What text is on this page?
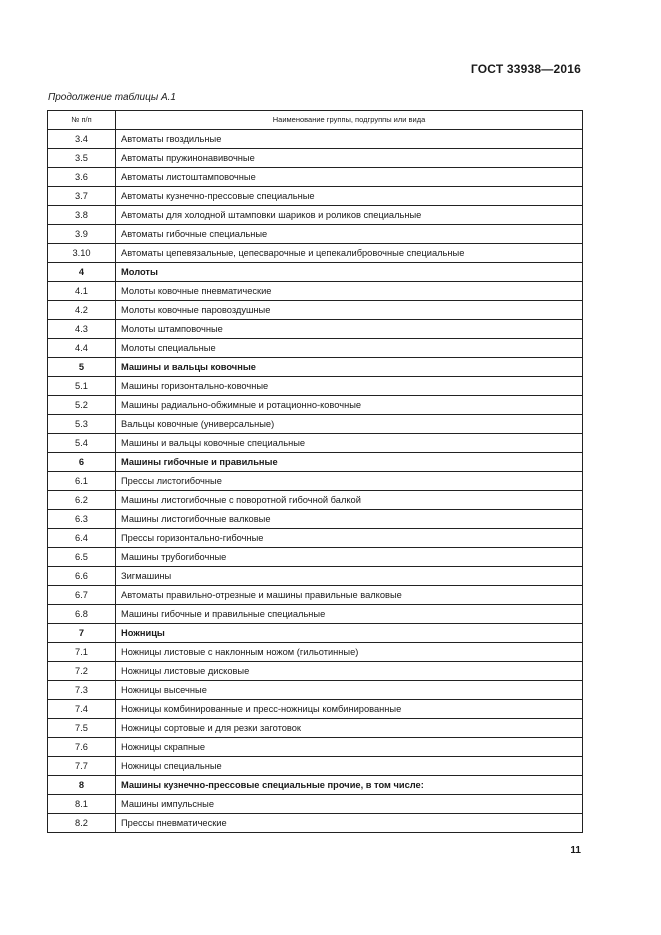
ГОСТ 33938—2016
Продолжение таблицы А.1
№ п/п	Наименование группы, подгруппы или вида
3.4	Автоматы гвоздильные
3.5	Автоматы пружинонавивочные
3.6	Автоматы листоштамповочные
3.7	Автоматы кузнечно-прессовые специальные
3.8	Автоматы для холодной штамповки шариков и роликов специальные
3.9	Автоматы гибочные специальные
3.10	Автоматы цепевязальные, цепесварочные и цепекалибровочные специальные
4	Молоты
4.1	Молоты ковочные пневматические
4.2	Молоты ковочные паровоздушные
4.3	Молоты штамповочные
4.4	Молоты специальные
5	Машины и вальцы ковочные
5.1	Машины горизонтально-ковочные
5.2	Машины радиально-обжимные и ротационно-ковочные
5.3	Вальцы ковочные (универсальные)
5.4	Машины и вальцы ковочные специальные
6	Машины гибочные и правильные
6.1	Прессы листогибочные
6.2	Машины листогибочные с поворотной гибочной балкой
6.3	Машины листогибочные валковые
6.4	Прессы горизонтально-гибочные
6.5	Машины трубогибочные
6.6	Зигмашины
6.7	Автоматы правильно-отрезные и машины правильные валковые
6.8	Машины гибочные и правильные специальные
7	Ножницы
7.1	Ножницы листовые с наклонным ножом (гильотинные)
7.2	Ножницы листовые дисковые
7.3	Ножницы высечные
7.4	Ножницы комбинированные и пресс-ножницы комбинированные
7.5	Ножницы сортовые и для резки заготовок
7.6	Ножницы скрапные
7.7	Ножницы специальные
8	Машины кузнечно-прессовые специальные прочие, в том числе:
8.1	Машины импульсные
8.2	Прессы пневматические
11
